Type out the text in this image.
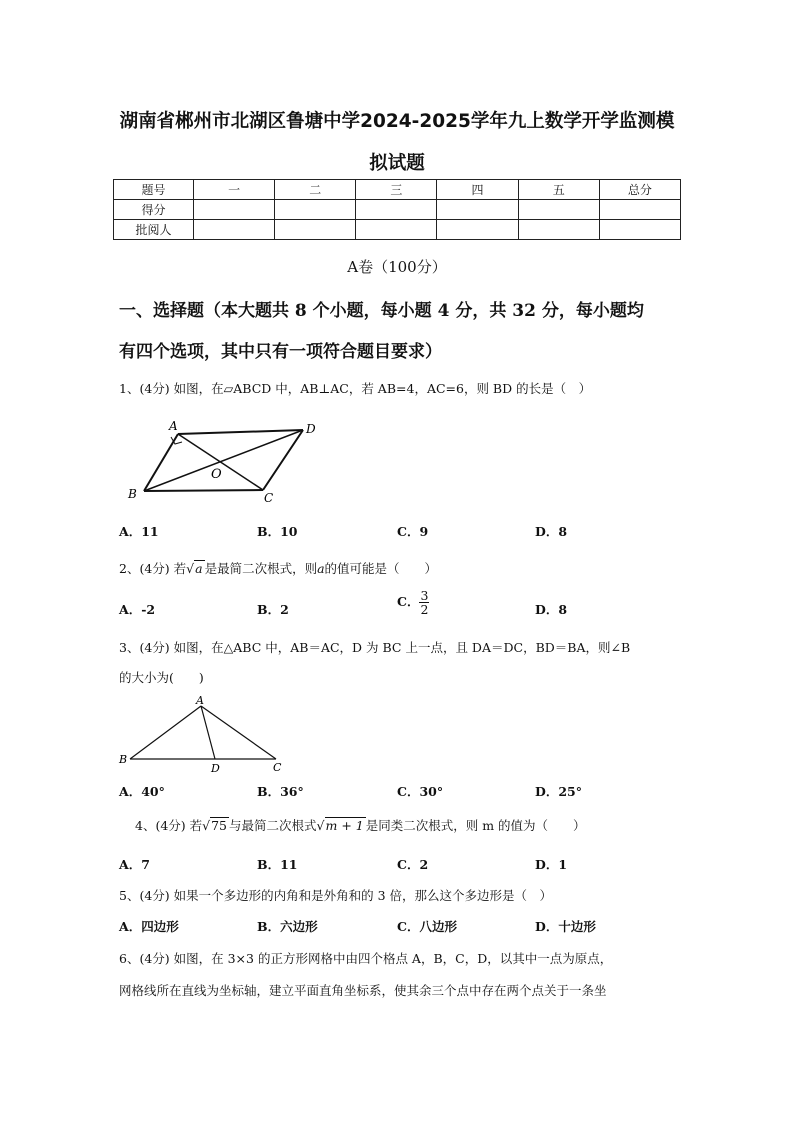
湖南省郴州市北湖区鲁塘中学2024-2025学年九上数学开学监测模
拟试题
题号	一	二	三	四	五	总分
得分						
批阅人						
A卷（100分）
一、选择题（本大题共 8 个小题，每小题 4 分，共 32 分，每小题均
有四个选项，其中只有一项符合题目要求）
1、(4分) 如图，在▱ABCD 中，AB⊥AC，若 AB=4，AC=6，则 BD 的长是（　）
A
B	C
D
O
A．11	B．10	C．9	D．8
2、(4分) 若√a 是最简二次根式，则a的值可能是（　　）
A．-2	B．2
C． $\frac{3}{2}$	D．8
3、(4分) 如图，在△ABC 中，AB＝AC，D 为 BC 上一点，且 DA＝DC，BD＝BA，则∠B
的大小为(　　)
A
B
C
D
A．40°	B．36°	C．30°	D．25°
4、(4分) 若√75 与最简二次根式√m + 1 是同类二次根式，则 m 的值为（　　）
A．7	B．11	C．2	D．1
5、(4分) 如果一个多边形的内角和是外角和的 3 倍，那么这个多边形是（　）
A．四边形	B．六边形	C．八边形	D．十边形
6、(4分) 如图，在 3×3 的正方形网格中由四个格点 A，B，C，D，以其中一点为原点，
网格线所在直线为坐标轴，建立平面直角坐标系，使其余三个点中存在两个点关于一条坐
